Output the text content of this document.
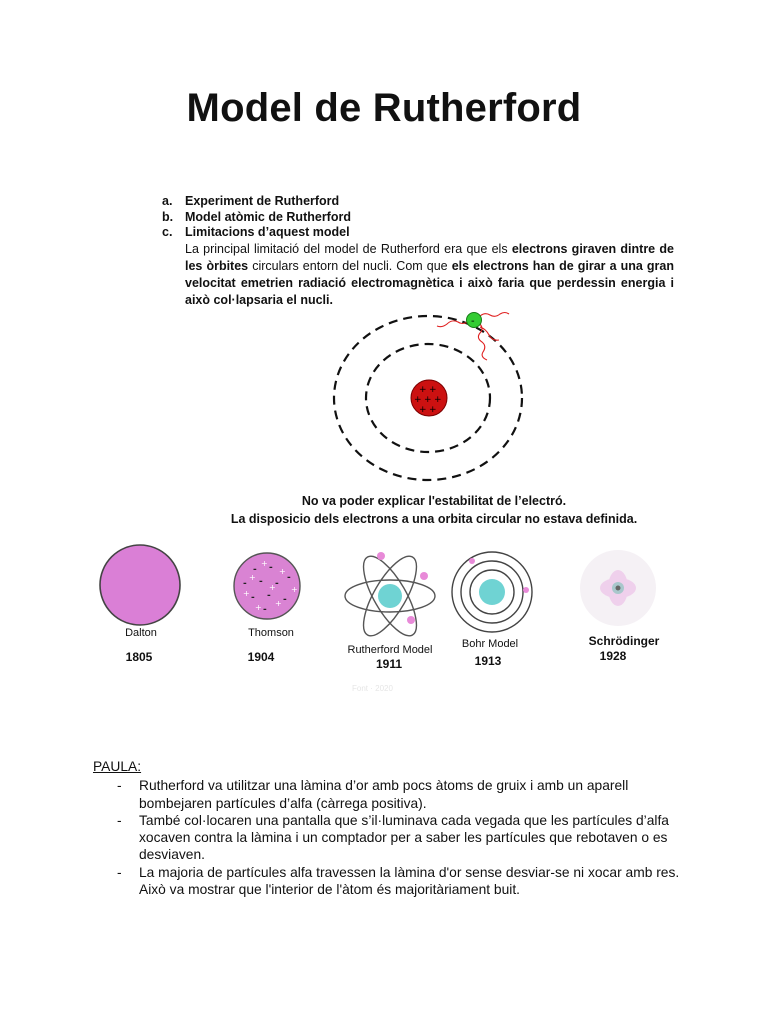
Model de Rutherford
a.	Experiment de Rutherford
b. Model atòmic de Rutherford
c.	Limitacions d’aquest model
La principal limitació del model de Rutherford era que els electrons giraven dintre de les òrbites circulars entorn del nucli. Com que els electrons han de girar a una gran velocitat emetrien radiació electromagnètica i això faria que perdessin energia i això col·lapsaria el nucli.
+ +
+ + +
+ +
-
No va poder explicar l'estabilitat de l’electró.
La disposicio dels electrons a una orbita circular no estava definida.
- -
- - -
-
- - -
-
+
+
+
+ +
+
+
+
Dalton
1805
Thomson
1904	Rutherford Model
1911
Bohr Model
1913
Schrödinger
1928
Font · 2020
PAULA:
-	Rutherford va utilitzar una làmina d’or amb pocs àtoms de gruix i amb un aparell bombejaren partícules d’alfa (càrrega positiva).
-	També col·locaren una pantalla que s’il·luminava cada vegada que les partícules d’alfa xocaven contra la làmina i un comptador per a saber les partícules que rebotaven o es desviaven.
-	La majoria de partícules alfa travessen la làmina d'or sense desviar-se ni xocar amb res. Això va mostrar que l'interior de l'àtom és majoritàriament buit.
